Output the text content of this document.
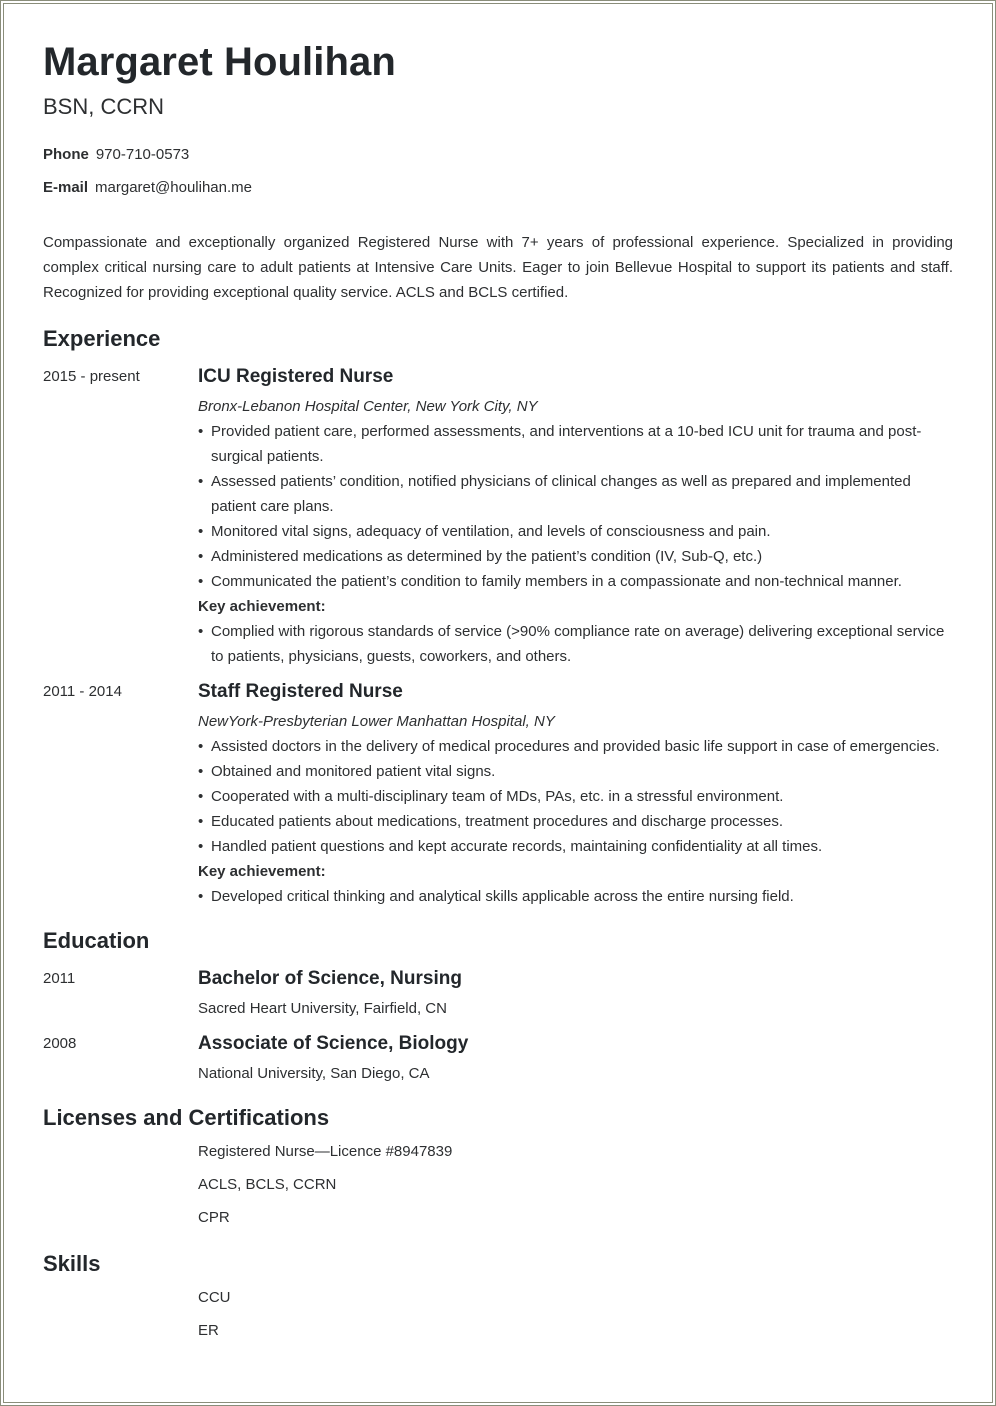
Margaret Houlihan
BSN, CCRN
Phone 970-710-0573
E-mail margaret@houlihan.me
Compassionate and exceptionally organized Registered Nurse with 7+ years of professional experience. Specialized in providing complex critical nursing care to adult patients at Intensive Care Units. Eager to join Bellevue Hospital to support its patients and staff. Recognized for providing exceptional quality service. ACLS and BCLS certified.
Experience
2015 - present	ICU Registered Nurse
Bronx-Lebanon Hospital Center, New York City, NY
• Provided patient care, performed assessments, and interventions at a 10-bed ICU unit for trauma and post-surgical patients.
• Assessed patients’ condition, notified physicians of clinical changes as well as prepared and implemented patient care plans.
• Monitored vital signs, adequacy of ventilation, and levels of consciousness and pain.
• Administered medications as determined by the patient’s condition (IV, Sub-Q, etc.)
• Communicated the patient’s condition to family members in a compassionate and non-technical manner.
Key achievement:
• Complied with rigorous standards of service (>90% compliance rate on average) delivering exceptional service to patients, physicians, guests, coworkers, and others.
2011 - 2014	Staff Registered Nurse
NewYork-Presbyterian Lower Manhattan Hospital, NY
• Assisted doctors in the delivery of medical procedures and provided basic life support in case of emergencies.
• Obtained and monitored patient vital signs.
• Cooperated with a multi-disciplinary team of MDs, PAs, etc. in a stressful environment.
• Educated patients about medications, treatment procedures and discharge processes.
• Handled patient questions and kept accurate records, maintaining confidentiality at all times.
Key achievement:
• Developed critical thinking and analytical skills applicable across the entire nursing field.
Education
2011	Bachelor of Science, Nursing
Sacred Heart University, Fairfield, CN
2008	Associate of Science, Biology
National University, San Diego, CA
Licenses and Certifications
Registered Nurse—Licence #8947839
ACLS, BCLS, CCRN
CPR
Skills
CCU
ER
